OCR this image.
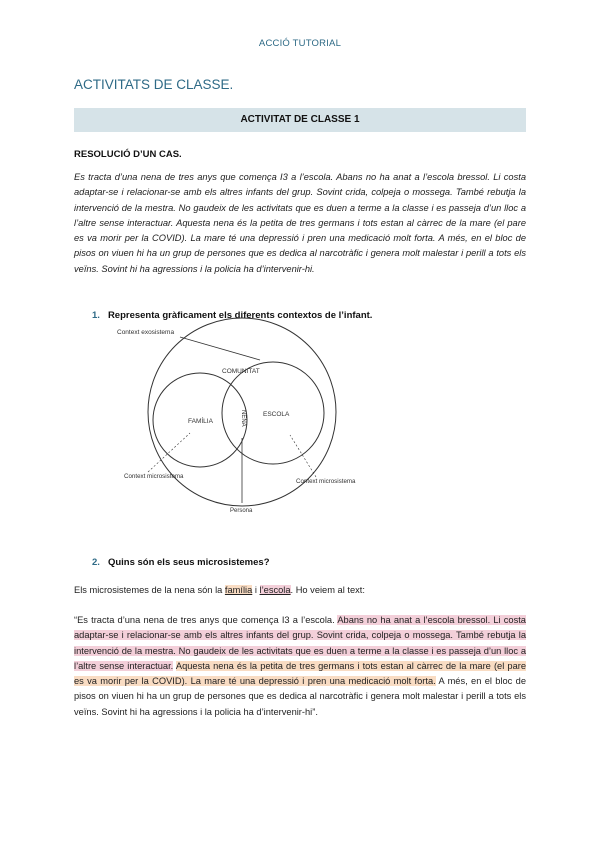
ACCIÓ TUTORIAL
ACTIVITATS DE CLASSE.
ACTIVITAT DE CLASSE 1
RESOLUCIÓ D’UN CAS.
Es tracta d’una nena de tres anys que comença I3 a l’escola. Abans no ha anat a l’escola bressol. Li costa adaptar-se i relacionar-se amb els altres infants del grup. Sovint crida, colpeja o mossega. També rebutja la intervenció de la mestra. No gaudeix de les activitats que es duen a terme a la classe i es passeja d’un lloc a l’altre sense interactuar. Aquesta nena és la petita de tres germans i tots estan al càrrec de la mare (el pare es va morir per la COVID). La mare té una depressió i pren una medicació molt forta. A més, en el bloc de pisos on viuen hi ha un grup de persones que es dedica al narcotràfic i genera molt malestar i perill a tots els veïns. Sovint hi ha agressions i la policia ha d’intervenir-hi.
1. Representa gràficament els diferents contextos de l’infant.
Context exosistema
COMUNITAT
FAMÍLIA
ESCOLA
NENA
Context microsistema
Context microsistema
Persona
2. Quins són els seus microsistemes?
Els microsistemes de la nena són la família i l’escola. Ho veiem al text:
“Es tracta d’una nena de tres anys que comença I3 a l’escola. Abans no ha anat a l’escola bressol. Li costa adaptar-se i relacionar-se amb els altres infants del grup. Sovint crida, colpeja o mossega. També rebutja la intervenció de la mestra. No gaudeix de les activitats que es duen a terme a la classe i es passeja d’un lloc a l’altre sense interactuar. Aquesta nena és la petita de tres germans i tots estan al càrrec de la mare (el pare es va morir per la COVID). La mare té una depressió i pren una medicació molt forta. A més, en el bloc de pisos on viuen hi ha un grup de persones que es dedica al narcotràfic i genera molt malestar i perill a tots els veïns. Sovint hi ha agressions i la policia ha d’intervenir-hi”.
